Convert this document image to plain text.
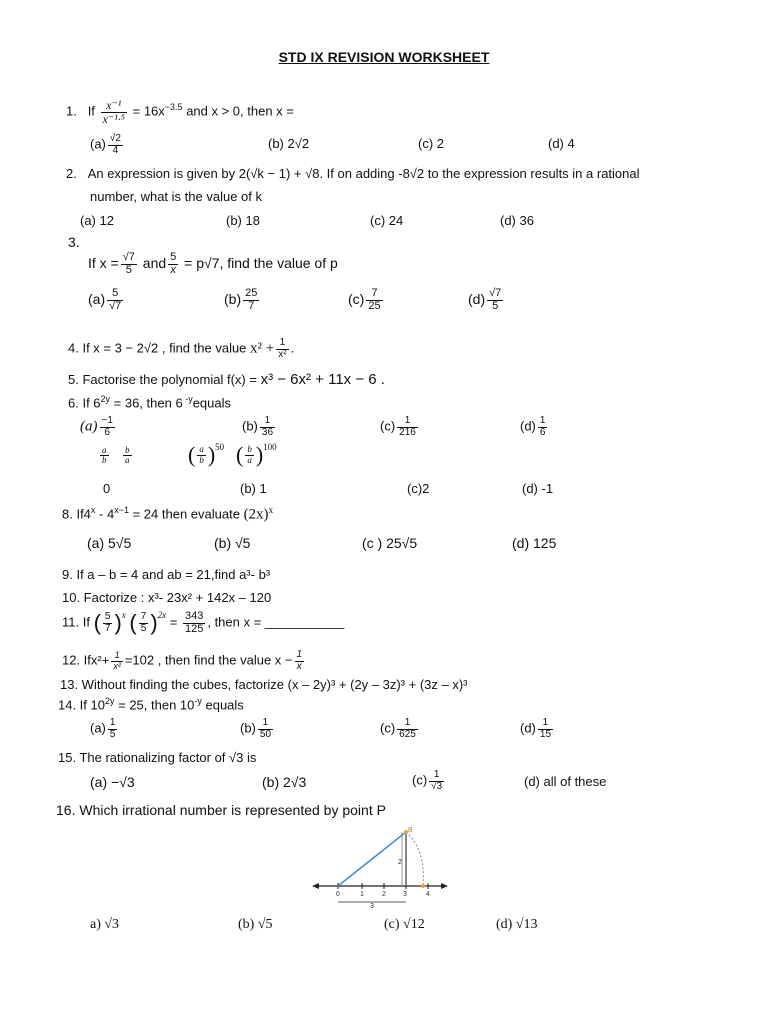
STD IX REVISION WORKSHEET
1. If $\frac{\text{x⁻¹}}{\text{x⁻¹·⁵}} = 16x^{-3.5}$ and x > 0, then x =
$(a) \frac{√2}{4}$	(b) 2√2	(c) 2	(d) 4
2. An expression is given by 2(√k − 1) + √8. If on adding -8√2 to the expression results in a rational
number, what is the value of k
(a) 12	(b) 18	(c) 24	(d) 36
3.
If $x = \frac{√7}{5}$ and $\frac{5}{x} = p√7$, find the value of p
$(a) \frac{5}{√7}$	$(b) \frac{25}{7}$	$(c) \frac{7}{25}$	$(d) \frac{√7}{5}$
4. If x = 3 − 2√2 , find the value $x^2 + \frac{1}{\text{x²}}$ .
5. Factorise the polynomial f(x) = x³ − 6x² + 11x − 6 .
6. If $6^{2y} = 36$, then 6 $^{-y}$equals
$(a) \frac{-1}{6}$	$(b) \frac{1}{36}$	$(c) \frac{1}{216}$	$(d) \frac{1}{6}$
$\frac{a}{b} \frac{b}{a}$	( $\frac{a}{b} )^{50}$ ( $\frac{b}{a} )^{100}$
0	(b) 1	(c)2	(d) -1
8. $If4^x - 4^{x-1} = 24$ then evaluate $(2x)^x$
(a) 5√5	(b) √5	(c ) 25√5	(d) 125
9. If a – b = 4 and ab = 21,find a³- b³
10. Factorize : x³- 23x² + 142x – 120
11. If ( $\frac{5}{7} )^x$ ( $\frac{7}{5} )^{2x} = \frac{343}{125}$ , then x = ___________
12. $Ifx^2+ \frac{1}{\text{x²}} =102$ , then find the value $x - \frac{1}{x}$
13. Without finding the cubes, factorize (x – 2y)³ + (2y – 3z)³ + (3z – x)³
14. If $10^{2y} = 25$, then $10^{-y}$ equals
$(a) \frac{1}{5}$	$(b) \frac{1}{50}$	$(c) \frac{1}{625}$	$(d) \frac{1}{15}$
15. The rationalizing factor of √3 is
(a) −√3	(b) 2√3	$(c) \frac{1}{√3}$	(d) all of these
16. Which irrational number is represented by point P
0	1	2 3	4
B
2
3
a) √3	(b) √5	(c) √12	(d) √13
